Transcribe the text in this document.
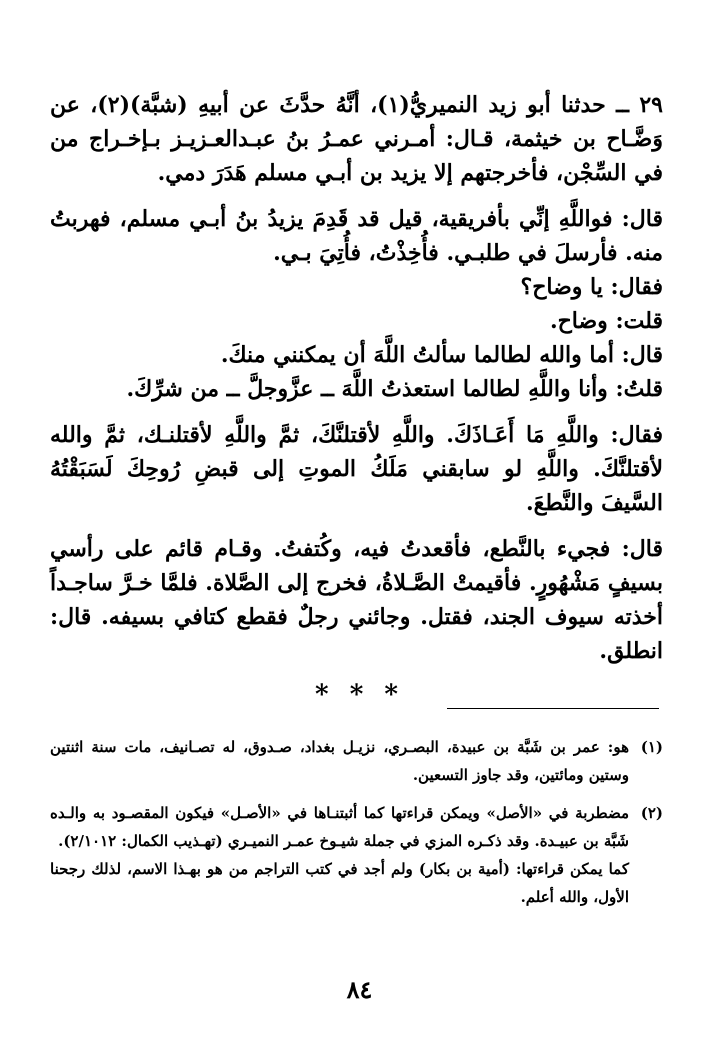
٢٩ ــ حدثنا أبو زيد النميريُّ(١)، أنَّهُ حدَّثَ عن أبيهِ (شبَّة)(٢)، عن وَضَّـاح بن خيثمة، قـال: أمـرني عمـرُ بنُ عبـدالعـزيـز بـإخـراج من في السِّجْن، فأخرجتهم إلا يزيد بن أبـي مسلم هَدَرَ دمي.

قال: فواللَّهِ إنِّي بأفريقية، قيل قد قَدِمَ يزيدُ بنُ أبـي مسلم، فهربتُ منه. فأرسلَ في طلبـي. فأُخِذْتُ، فأُتِيَ بـي.

فقال: يا وضاح؟

قلت: وضاح.

قال: أما والله لطالما سألتُ اللَّهَ أن يمكنني منكَ.

قلتُ: وأنا واللَّهِ لطالما استعذتُ اللَّهَ ــ عزَّوجلَّ ــ من شرِّكَ.

فقال: واللَّهِ مَا أَعَـاذَكَ. واللَّهِ لأقتلنَّكَ، ثمَّ واللَّهِ لأقتلنـك، ثمَّ والله لأقتلنَّكَ. واللَّهِ لو سابقني مَلَكُ الموتِ إلى قبضِ رُوحِكَ لَسَبَقْتُهُ السَّيفَ والنَّطعَ.

قال: فجيء بالنَّطع، فأقعدتُ فيه، وكُتفتُ. وقـام قائم على رأسي بسيفٍ مَشْهُورٍ. فأقيمتْ الصَّـلاةُ، فخرج إلى الصَّلاة. فلمَّا خـرَّ ساجـداً أخذته سيوف الجند، فقتل. وجائني رجلٌ فقطع كتافي بسيفه. قال: انطلق.

* * *
(١)
هو: عمر بن شَبَّة بن عبيدة، البصـري، نزيـل بغداد، صـدوق، له تصـانيف، مات سنة اثنتين وستين ومائتين، وقد جاوز التسعين.
(٢)
مضطربة في «الأصل» ويمكن قراءتها كما أثبتنـاها في «الأصـل» فيكون المقصـود به والـده شَبَّة بن عبيـدة. وقد ذكـره المزي في جملة شيـوخ عمـر النميـري (تهـذيب الكمال: ٢/١٠١٢).
كما يمكن قراءتها: (أمية بن بكار) ولم أجد في كتب التراجم من هو بهـذا الاسم، لذلك رجحنا الأول، والله أعلم.
٨٤
